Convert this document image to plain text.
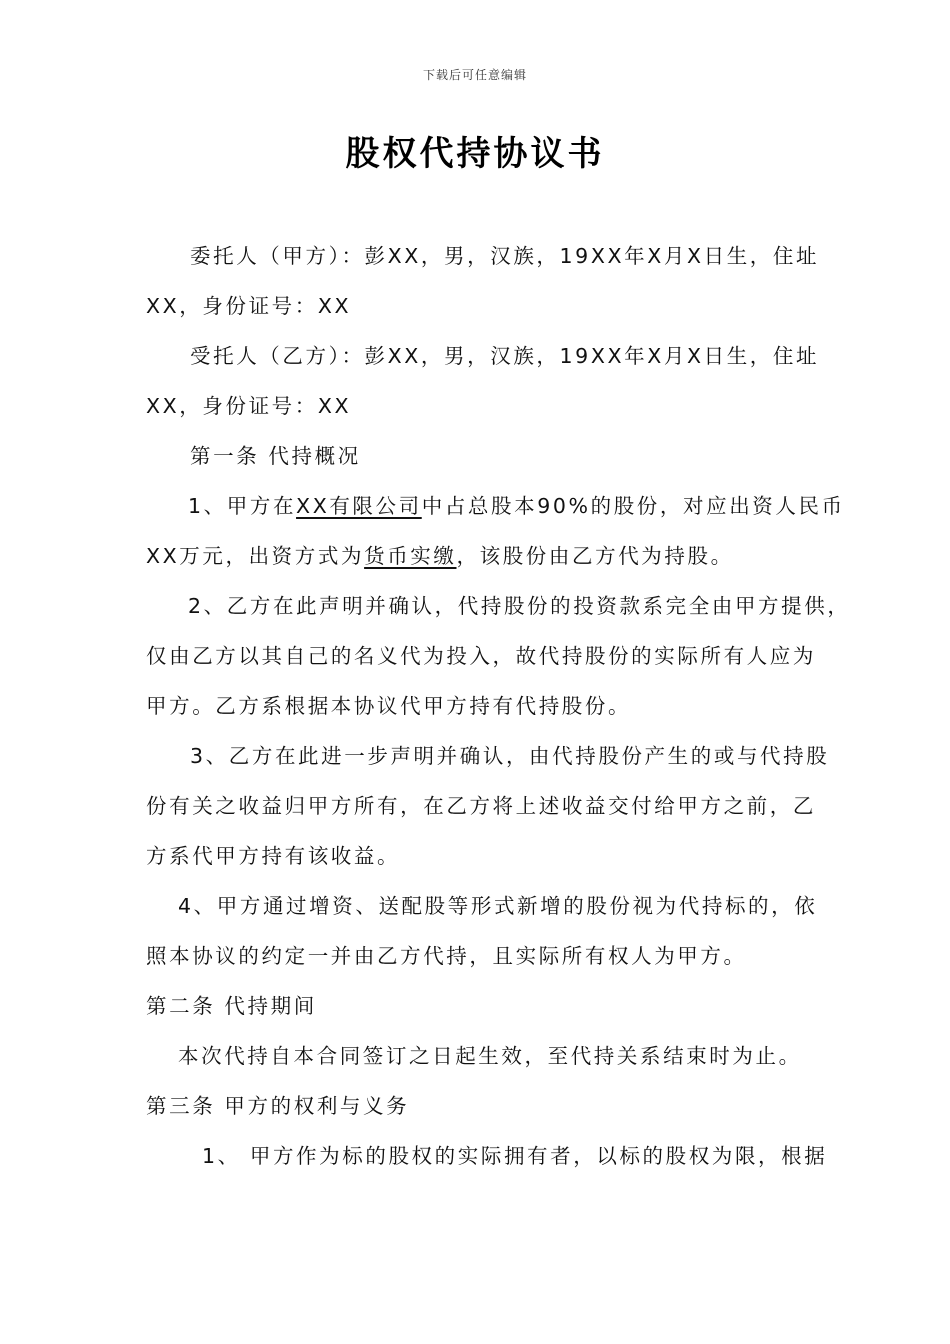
下载后可任意编辑
股权代持协议书
委托人（甲方）：彭XX，男，汉族，19XX年X月X日生，住址
XX，身份证号：XX
受托人（乙方）：彭XX，男，汉族，19XX年X月X日生，住址
XX，身份证号：XX
第一条 代持概况
1、甲方在XX有限公司中占总股本90%的股份，对应出资人民币
XX万元，出资方式为货币实缴，该股份由乙方代为持股。
2、乙方在此声明并确认，代持股份的投资款系完全由甲方提供，
仅由乙方以其自己的名义代为投入，故代持股份的实际所有人应为
甲方。乙方系根据本协议代甲方持有代持股份。
3、乙方在此进一步声明并确认，由代持股份产生的或与代持股
份有关之收益归甲方所有，在乙方将上述收益交付给甲方之前，乙
方系代甲方持有该收益。
4、甲方通过增资、送配股等形式新增的股份视为代持标的，依
照本协议的约定一并由乙方代持，且实际所有权人为甲方。
第二条 代持期间
本次代持自本合同签订之日起生效，至代持关系结束时为止。
第三条 甲方的权利与义务
1、 甲方作为标的股权的实际拥有者，以标的股权为限，根据
